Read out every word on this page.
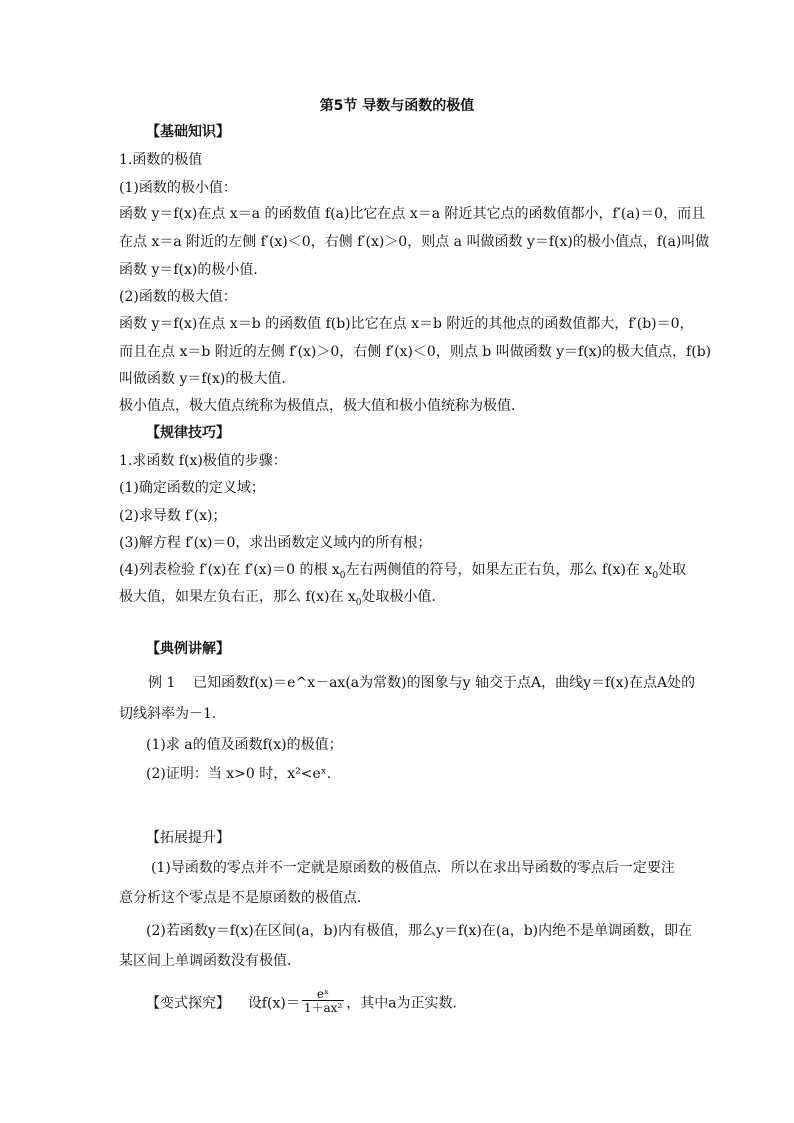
第5节 导数与函数的极值
【基础知识】
1.函数的极值
(1)函数的极小值：
函数 y＝f(x)在点 x＝a 的函数值 f(a)比它在点 x＝a 附近其它点的函数值都小，f′(a)＝0，而且
在点 x＝a 附近的左侧 f′(x)＜0，右侧 f′(x)＞0，则点 a 叫做函数 y＝f(x)的极小值点，f(a)叫做
函数 y＝f(x)的极小值．
(2)函数的极大值：
函数 y＝f(x)在点 x＝b 的函数值 f(b)比它在点 x＝b 附近的其他点的函数值都大，f′(b)＝0，
而且在点 x＝b 附近的左侧 f′(x)＞0，右侧 f′(x)＜0，则点 b 叫做函数 y＝f(x)的极大值点，f(b)
叫做函数 y＝f(x)的极大值．
极小值点，极大值点统称为极值点，极大值和极小值统称为极值．
【规律技巧】
1.求函数 f(x)极值的步骤：
(1)确定函数的定义域；
(2)求导数 f′(x)；
(3)解方程 f′(x)＝0，求出函数定义域内的所有根；
(4)列表检验 f′(x)在 f′(x)＝0 的根 $x_0$左右两侧值的符号，如果左正右负，那么 f(x)在 $x_0$处取
极大值，如果左负右正，那么 f(x)在 $x_0$处取极小值．
【典例讲解】
例 1 已知函数f(x)＝e^x－ax(a为常数)的图象与y 轴交于点A，曲线y＝f(x)在点A处的
切线斜率为－1.
(1)求 a的值及函数f(x)的极值；
(2)证明：当 x>0 时，x²<eˣ.
【拓展提升】
(1)导函数的零点并不一定就是原函数的极值点．所以在求出导函数的零点后一定要注
意分析这个零点是不是原函数的极值点．
(2)若函数y＝f(x)在区间(a，b)内有极值，那么y＝f(x)在(a，b)内绝不是单调函数，即在
某区间上单调函数没有极值．
【变式探究】 设$f(x)= \frac{\text{eˣ}}{\text{1＋ax²}}$ ，其中a为正实数．
